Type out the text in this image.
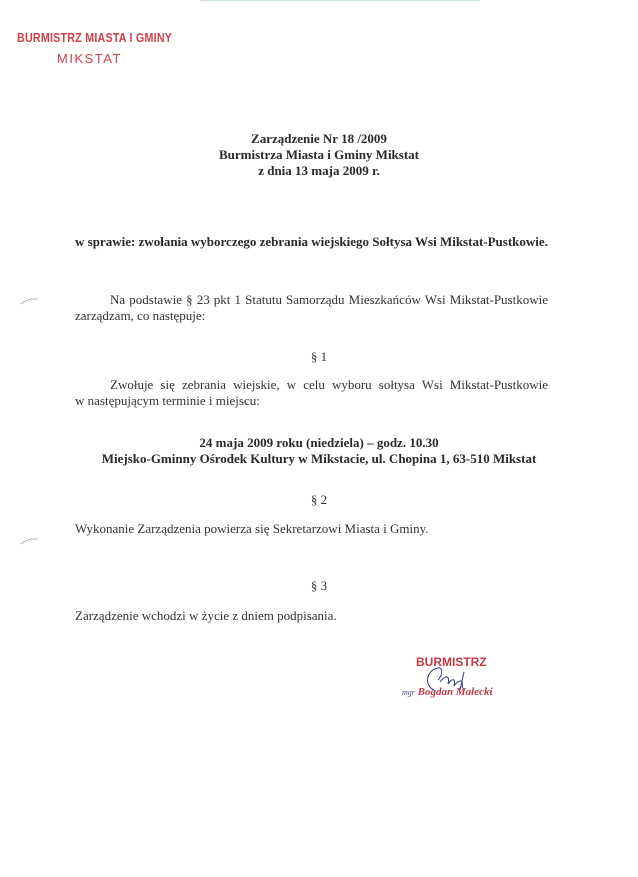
BURMISTRZ MIASTA I GMINY
MIKSTAT
Zarządzenie Nr 18 /2009
Burmistrza Miasta i Gminy Mikstat
z dnia 13 maja 2009 r.
w sprawie: zwołania wyborczego zebrania wiejskiego Sołtysa Wsi Mikstat-Pustkowie.
Na podstawie § 23 pkt 1 Statutu Samorządu Mieszkańców Wsi Mikstat-Pustkowie
zarządzam, co następuje:
§ 1
Zwołuje się zebrania wiejskie, w celu wyboru sołtysa Wsi Mikstat-Pustkowie
w następującym terminie i miejscu:
24 maja 2009 roku (niedziela) – godz. 10.30
Miejsko-Gminny Ośrodek Kultury w Mikstacie, ul. Chopina 1, 63-510 Mikstat
§ 2
Wykonanie Zarządzenia powierza się Sekretarzowi Miasta i Gminy.
§ 3
Zarządzenie wchodzi w życie z dniem podpisania.
BURMISTRZ
mgr Bogdan Małecki
